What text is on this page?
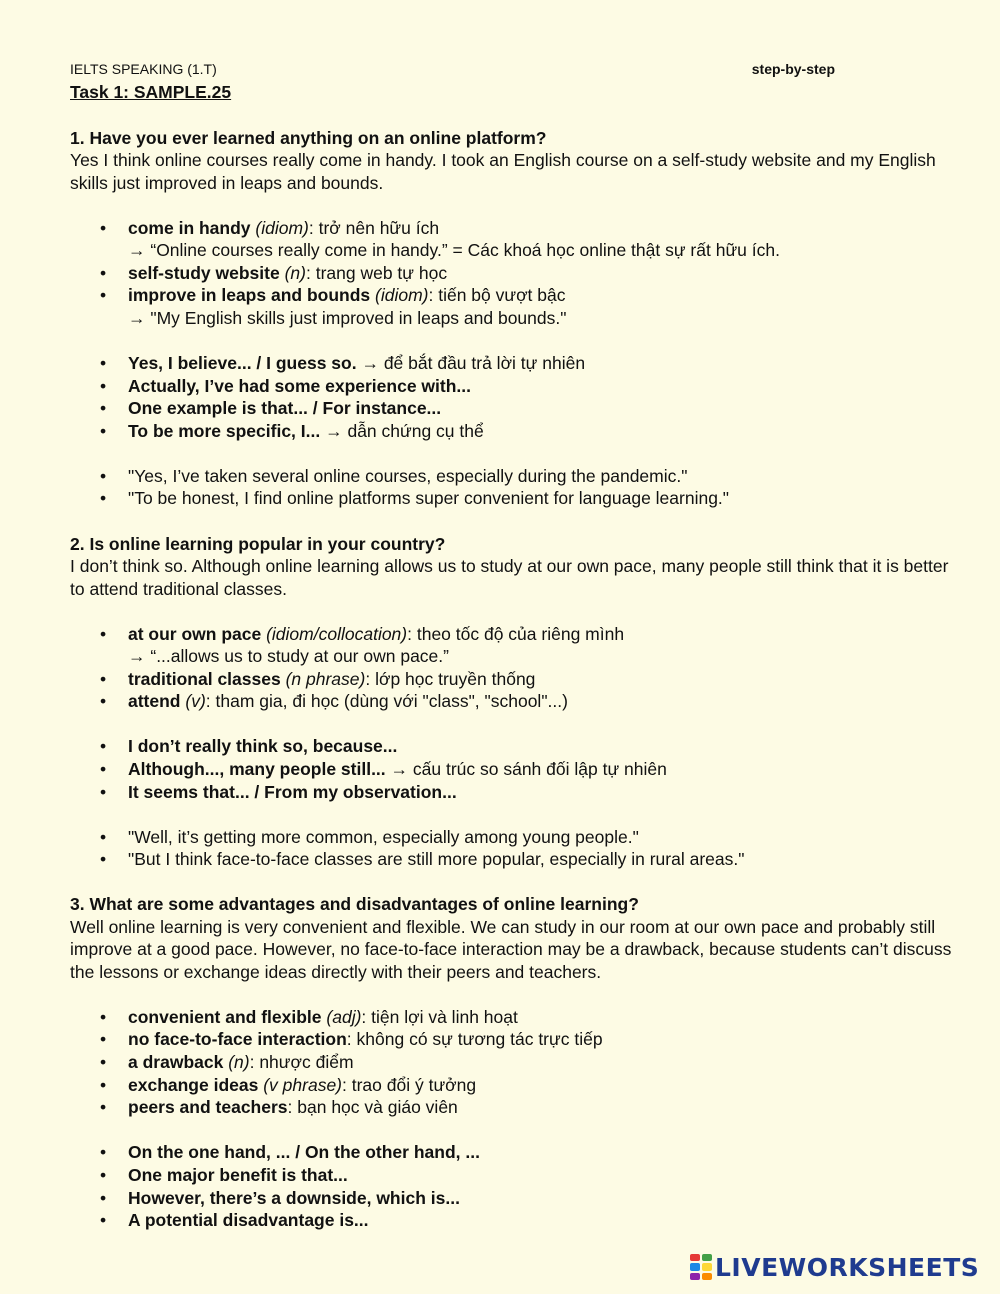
IELTS SPEAKING (1.T)	step-by-step
Task 1: SAMPLE.25
1. Have you ever learned anything on an online platform?
Yes I think online courses really come in handy. I took an English course on a self-study website and my English skills just improved in leaps and bounds.
• come in handy (idiom): trở nên hữu ích
→ “Online courses really come in handy.” = Các khoá học online thật sự rất hữu ích.
• self-study website (n): trang web tự học
• improve in leaps and bounds (idiom): tiến bộ vượt bậc
→ "My English skills just improved in leaps and bounds."
• Yes, I believe... / I guess so. → để bắt đầu trả lời tự nhiên
• Actually, I’ve had some experience with...
• One example is that... / For instance...
• To be more specific, I... → dẫn chứng cụ thể
• "Yes, I’ve taken several online courses, especially during the pandemic."
• "To be honest, I find online platforms super convenient for language learning."
2. Is online learning popular in your country?
I don’t think so. Although online learning allows us to study at our own pace, many people still think that it is better to attend traditional classes.
• at our own pace (idiom/collocation): theo tốc độ của riêng mình
→ “...allows us to study at our own pace.”
• traditional classes (n phrase): lớp học truyền thống
• attend (v): tham gia, đi học (dùng với "class", "school"...)
• I don’t really think so, because...
• Although..., many people still... → cấu trúc so sánh đối lập tự nhiên
• It seems that... / From my observation...
• "Well, it’s getting more common, especially among young people."
• "But I think face-to-face classes are still more popular, especially in rural areas."
3. What are some advantages and disadvantages of online learning?
Well online learning is very convenient and flexible. We can study in our room at our own pace and probably still improve at a good pace. However, no face-to-face interaction may be a drawback, because students can’t discuss the lessons or exchange ideas directly with their peers and teachers.
• convenient and flexible (adj): tiện lợi và linh hoạt
• no face-to-face interaction: không có sự tương tác trực tiếp
• a drawback (n): nhược điểm
• exchange ideas (v phrase): trao đổi ý tưởng
• peers and teachers: bạn học và giáo viên
• On the one hand, ... / On the other hand, ...
• One major benefit is that...
• However, there’s a downside, which is...
• A potential disadvantage is...
LIVEWORKSHEETS
